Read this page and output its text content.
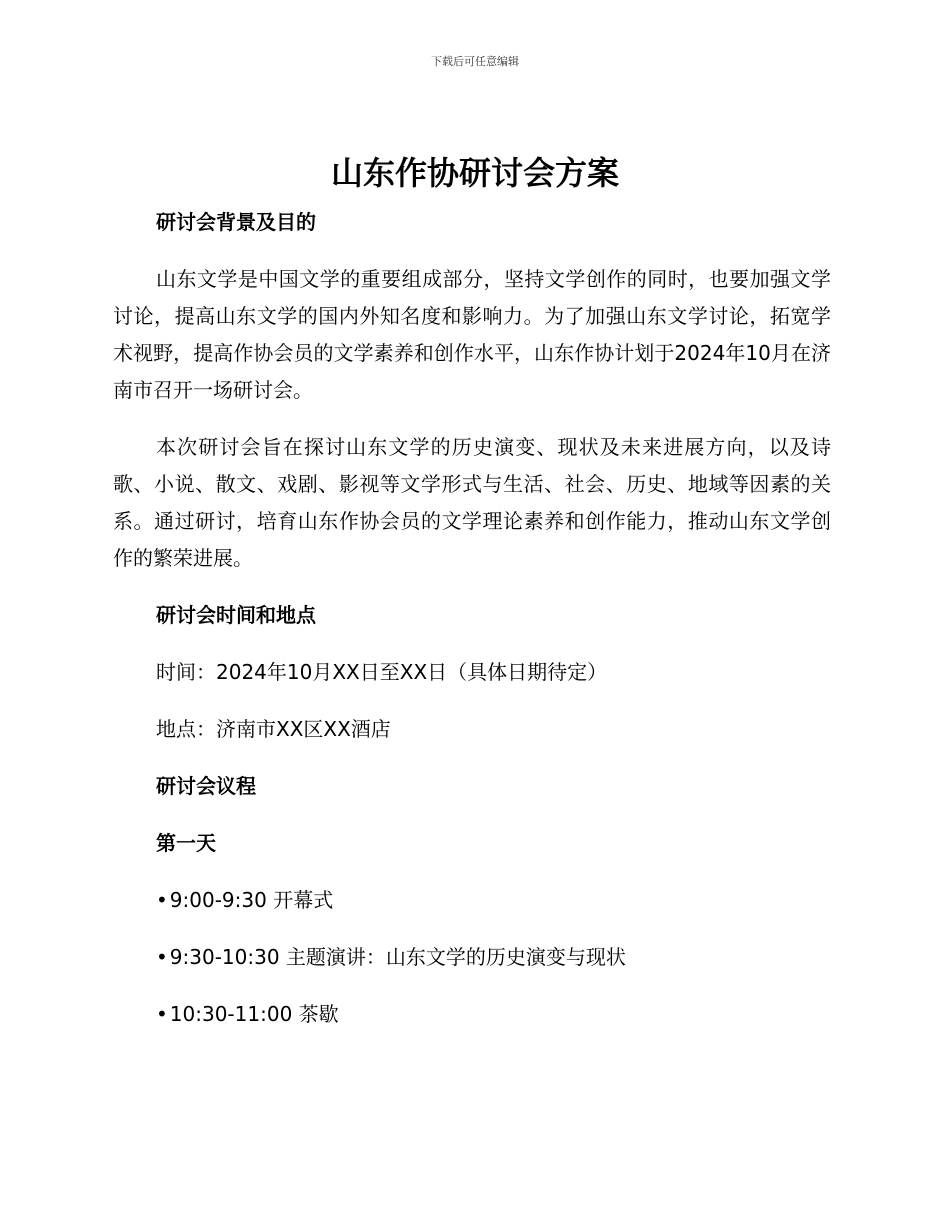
下载后可任意编辑
山东作协研讨会方案
研讨会背景及目的

山东文学是中国文学的重要组成部分，坚持文学创作的同时，也要加强文学讨论，提高山东文学的国内外知名度和影响力。为了加强山东文学讨论，拓宽学术视野，提高作协会员的文学素养和创作水平，山东作协计划于2024年10月在济南市召开一场研讨会。

本次研讨会旨在探讨山东文学的历史演变、现状及未来进展方向，以及诗歌、小说、散文、戏剧、影视等文学形式与生活、社会、历史、地域等因素的关系。通过研讨，培育山东作协会员的文学理论素养和创作能力，推动山东文学创作的繁荣进展。

研讨会时间和地点
时间：2024年10月XX日至XX日（具体日期待定）
地点：济南市XX区XX酒店
研讨会议程
第一天
• 9:00-9:30 开幕式
• 9:30-10:30 主题演讲：山东文学的历史演变与现状
• 10:30-11:00 茶歇
